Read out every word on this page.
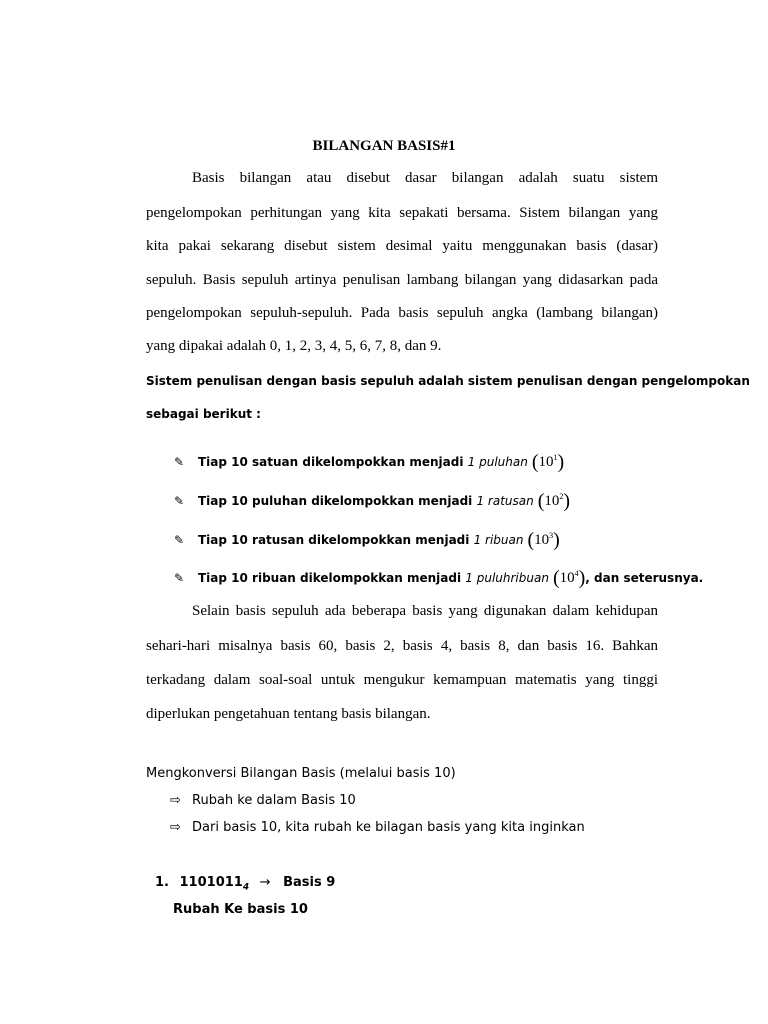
BILANGAN BASIS#1
Basis bilangan atau disebut dasar bilangan adalah suatu sistem
pengelompokan perhitungan yang kita sepakati bersama. Sistem bilangan yang
kita pakai sekarang disebut sistem desimal yaitu menggunakan basis (dasar)
sepuluh. Basis sepuluh artinya penulisan lambang bilangan yang didasarkan pada
pengelompokan sepuluh-sepuluh. Pada basis sepuluh angka (lambang bilangan)
yang dipakai adalah 0, 1, 2, 3, 4, 5, 6, 7, 8, dan 9.
Sistem penulisan dengan basis sepuluh adalah sistem penulisan dengan pengelompokan
sebagai berikut :
✎ Tiap 10 satuan dikelompokkan menjadi 1 puluhan $(10^1)$
✎ Tiap 10 puluhan dikelompokkan menjadi 1 ratusan $(10^2)$
✎ Tiap 10 ratusan dikelompokkan menjadi 1 ribuan $(10^3)$
✎ Tiap 10 ribuan dikelompokkan menjadi 1 puluhribuan $(10^4)$, dan seterusnya.
Selain basis sepuluh ada beberapa basis yang digunakan dalam kehidupan
sehari-hari misalnya basis 60, basis 2, basis 4, basis 8, dan basis 16. Bahkan
terkadang dalam soal-soal untuk mengukur kemampuan matematis yang tinggi
diperlukan pengetahuan tentang basis bilangan.
Mengkonversi Bilangan Basis (melalui basis 10)
⇨ Rubah ke dalam Basis 10
⇨ Dari basis 10, kita rubah ke bilagan basis yang kita inginkan
1. $1101011_4$ → Basis 9
Rubah Ke basis 10
